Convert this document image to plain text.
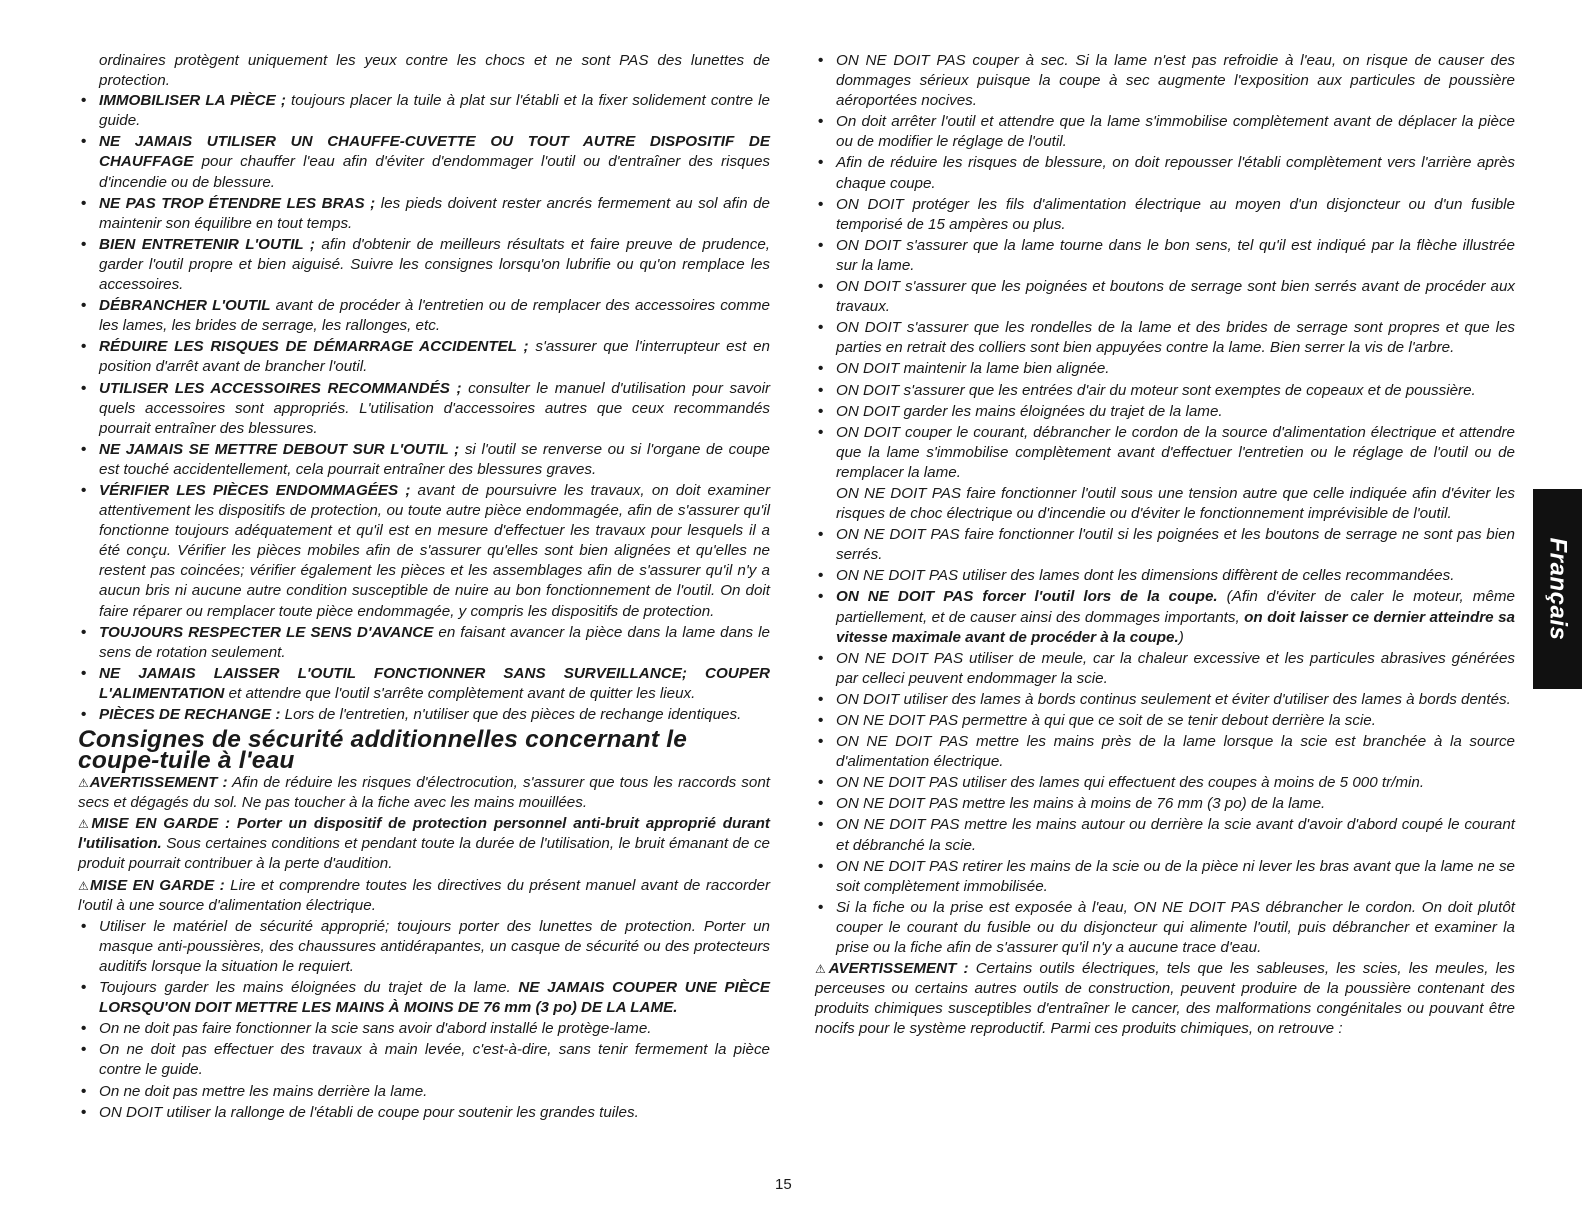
ordinaires protègent uniquement les yeux contre les chocs et ne sont PAS des lunettes de protection.

• IMMOBILISER LA PIÈCE ; toujours placer la tuile à plat sur l'établi et la fixer solidement contre le guide.
• NE JAMAIS UTILISER UN CHAUFFE-CUVETTE OU TOUT AUTRE DISPOSITIF DE CHAUFFAGE pour chauffer l'eau afin d'éviter d'endommager l'outil ou d'entraîner des risques d'incendie ou de blessure.
• NE PAS TROP ÉTENDRE LES BRAS ; les pieds doivent rester ancrés fermement au sol afin de maintenir son équilibre en tout temps.
• BIEN ENTRETENIR L'OUTIL ; afin d'obtenir de meilleurs résultats et faire preuve de prudence, garder l'outil propre et bien aiguisé. Suivre les consignes lorsqu'on lubrifie ou qu'on remplace les accessoires.
• DÉBRANCHER L'OUTIL avant de procéder à l'entretien ou de remplacer des accessoires comme les lames, les brides de serrage, les rallonges, etc.
• RÉDUIRE LES RISQUES DE DÉMARRAGE ACCIDENTEL ; s'assurer que l'interrupteur est en position d'arrêt avant de brancher l'outil.
• UTILISER LES ACCESSOIRES RECOMMANDÉS ; consulter le manuel d'utilisation pour savoir quels accessoires sont appropriés. L'utilisation d'accessoires autres que ceux recommandés pourrait entraîner des blessures.
• NE JAMAIS SE METTRE DEBOUT SUR L'OUTIL ; si l'outil se renverse ou si l'organe de coupe est touché accidentellement, cela pourrait entraîner des blessures graves.
• VÉRIFIER LES PIÈCES ENDOMMAGÉES ; avant de poursuivre les travaux, on doit examiner attentivement les dispositifs de protection, ou toute autre pièce endommagée, afin de s'assurer qu'il fonctionne toujours adéquatement et qu'il est en mesure d'effectuer les travaux pour lesquels il a été conçu. Vérifier les pièces mobiles afin de s'assurer qu'elles sont bien alignées et qu'elles ne restent pas coincées; vérifier également les pièces et les assemblages afin de s'assurer qu'il n'y a aucun bris ni aucune autre condition susceptible de nuire au bon fonctionnement de l'outil. On doit faire réparer ou remplacer toute pièce endommagée, y compris les dispositifs de protection.
• TOUJOURS RESPECTER LE SENS D'AVANCE en faisant avancer la pièce dans la lame dans le sens de rotation seulement.
• NE JAMAIS LAISSER L'OUTIL FONCTIONNER SANS SURVEILLANCE; COUPER L'ALIMENTATION et attendre que l'outil s'arrête complètement avant de quitter les lieux.
• PIÈCES DE RECHANGE : Lors de l'entretien, n'utiliser que des pièces de rechange identiques.
Consignes de sécurité additionnelles concernant le coupe-tuile à l'eau

⚠AVERTISSEMENT : Afin de réduire les risques d'électrocution, s'assurer que tous les raccords sont secs et dégagés du sol. Ne pas toucher à la fiche avec les mains mouillées.

⚠MISE EN GARDE : Porter un dispositif de protection personnel anti-bruit approprié durant l'utilisation. Sous certaines conditions et pendant toute la durée de l'utilisation, le bruit émanant de ce produit pourrait contribuer à la perte d'audition.

⚠MISE EN GARDE : Lire et comprendre toutes les directives du présent manuel avant de raccorder l'outil à une source d'alimentation électrique.

• Utiliser le matériel de sécurité approprié; toujours porter des lunettes de protection. Porter un masque anti-poussières, des chaussures antidérapantes, un casque de sécurité ou des protecteurs auditifs lorsque la situation le requiert.
• Toujours garder les mains éloignées du trajet de la lame. NE JAMAIS COUPER UNE PIÈCE LORSQU'ON DOIT METTRE LES MAINS À MOINS DE 76 mm (3 po) DE LA LAME.
• On ne doit pas faire fonctionner la scie sans avoir d'abord installé le protège-lame.
• On ne doit pas effectuer des travaux à main levée, c'est-à-dire, sans tenir fermement la pièce contre le guide.
• On ne doit pas mettre les mains derrière la lame.
• ON DOIT utiliser la rallonge de l'établi de coupe pour soutenir les grandes tuiles.
• ON NE DOIT PAS couper à sec. Si la lame n'est pas refroidie à l'eau, on risque de causer des dommages sérieux puisque la coupe à sec augmente l'exposition aux particules de poussière aéroportées nocives.
• On doit arrêter l'outil et attendre que la lame s'immobilise complètement avant de déplacer la pièce ou de modifier le réglage de l'outil.
• Afin de réduire les risques de blessure, on doit repousser l'établi complètement vers l'arrière après chaque coupe.
• ON DOIT protéger les fils d'alimentation électrique au moyen d'un disjoncteur ou d'un fusible temporisé de 15 ampères ou plus.
• ON DOIT s'assurer que la lame tourne dans le bon sens, tel qu'il est indiqué par la flèche illustrée sur la lame.
• ON DOIT s'assurer que les poignées et boutons de serrage sont bien serrés avant de procéder aux travaux.
• ON DOIT s'assurer que les rondelles de la lame et des brides de serrage sont propres et que les parties en retrait des colliers sont bien appuyées contre la lame. Bien serrer la vis de l'arbre.
• ON DOIT maintenir la lame bien alignée.
• ON DOIT s'assurer que les entrées d'air du moteur sont exemptes de copeaux et de poussière.
• ON DOIT garder les mains éloignées du trajet de la lame.
• ON DOIT couper le courant, débrancher le cordon de la source d'alimentation électrique et attendre que la lame s'immobilise complètement avant d'effectuer l'entretien ou le réglage de l'outil ou de remplacer la lame.

ON NE DOIT PAS faire fonctionner l'outil sous une tension autre que celle indiquée afin d'éviter les risques de choc électrique ou d'incendie ou d'éviter le fonctionnement imprévisible de l'outil.

• ON NE DOIT PAS faire fonctionner l'outil si les poignées et les boutons de serrage ne sont pas bien serrés.
• ON NE DOIT PAS utiliser des lames dont les dimensions diffèrent de celles recommandées.
• ON NE DOIT PAS forcer l'outil lors de la coupe. (Afin d'éviter de caler le moteur, même partiellement, et de causer ainsi des dommages importants, on doit laisser ce dernier atteindre sa vitesse maximale avant de procéder à la coupe.)
• ON NE DOIT PAS utiliser de meule, car la chaleur excessive et les particules abrasives générées par celleci peuvent endommager la scie.
• ON DOIT utiliser des lames à bords continus seulement et éviter d'utiliser des lames à bords dentés.
• ON NE DOIT PAS permettre à qui que ce soit de se tenir debout derrière la scie.
• ON NE DOIT PAS mettre les mains près de la lame lorsque la scie est branchée à la source d'alimentation électrique.
• ON NE DOIT PAS utiliser des lames qui effectuent des coupes à moins de 5 000 tr/min.
• ON NE DOIT PAS mettre les mains à moins de 76 mm (3 po) de la lame.
• ON NE DOIT PAS mettre les mains autour ou derrière la scie avant d'avoir d'abord coupé le courant et débranché la scie.
• ON NE DOIT PAS retirer les mains de la scie ou de la pièce ni lever les bras avant que la lame ne se soit complètement immobilisée.
• Si la fiche ou la prise est exposée à l'eau, ON NE DOIT PAS débrancher le cordon. On doit plutôt couper le courant du fusible ou du disjoncteur qui alimente l'outil, puis débrancher et examiner la prise ou la fiche afin de s'assurer qu'il n'y a aucune trace d'eau.

⚠AVERTISSEMENT : Certains outils électriques, tels que les sableuses, les scies, les meules, les perceuses ou certains autres outils de construction, peuvent produire de la poussière contenant des produits chimiques susceptibles d'entraîner le cancer, des malformations congénitales ou pouvant être nocifs pour le système reproductif. Parmi ces produits chimiques, on retrouve :

15
Français
